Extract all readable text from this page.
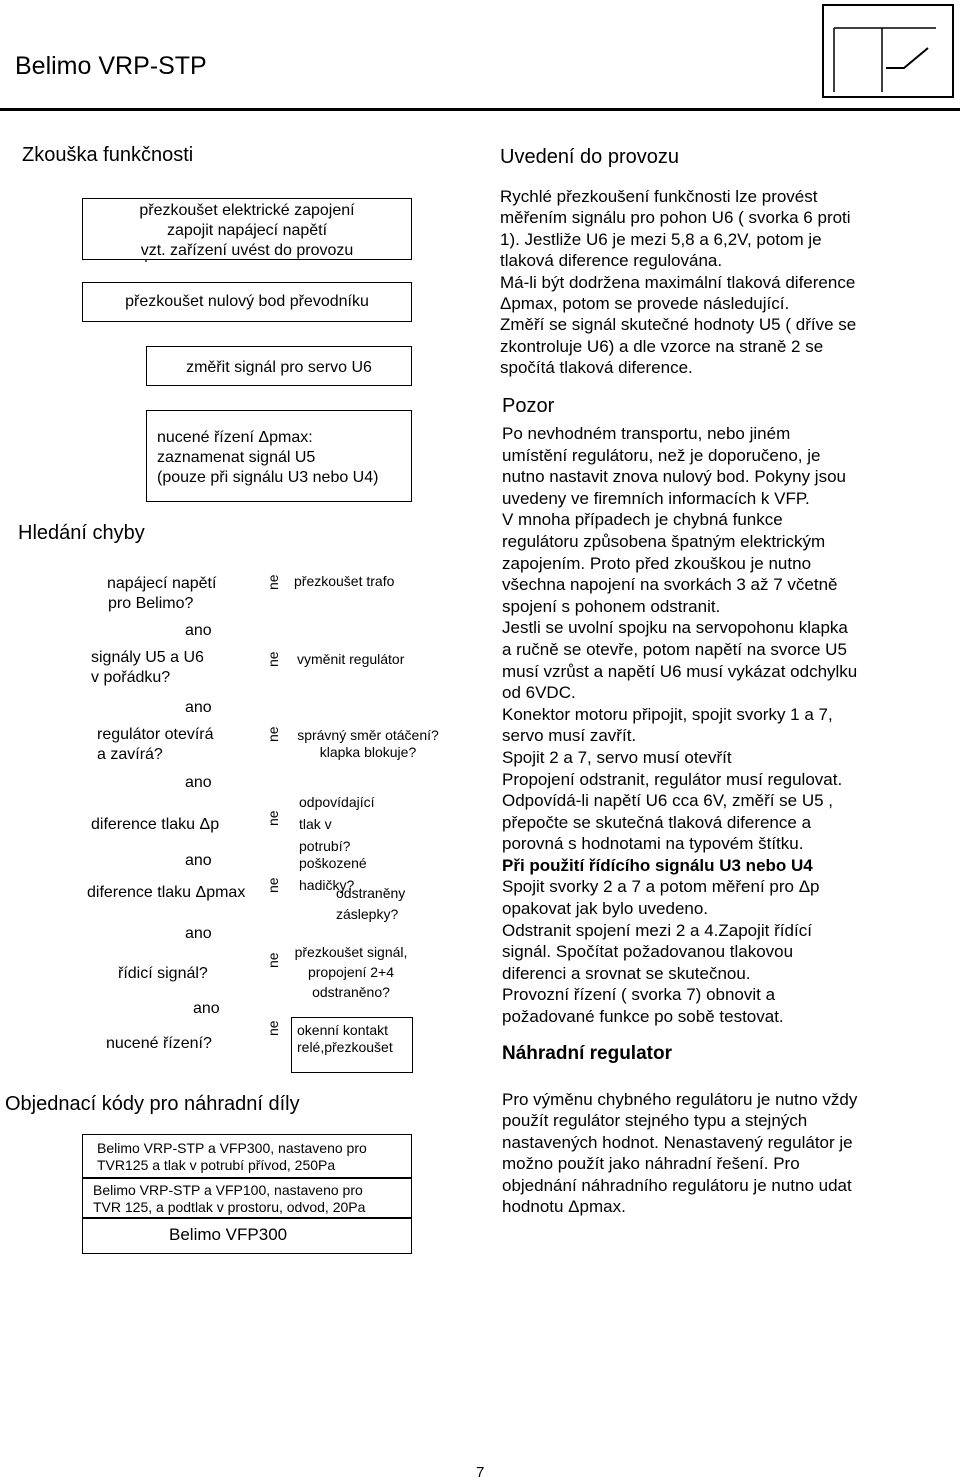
Belimo VRP-STP
Zkouška funkčnosti
Hledání chyby
přezkoušet elektrické zapojení
zapojit napájecí napětí
vzt. zařízení uvést do provozu
přezkoušet nulový bod převodníku
změřit signál pro servo U6
nucené řízení Δpmax:
zaznamenat signál U5
(pouze při signálu U3 nebo U4)
napájecí napětí
pro Belimo?
signály U5 a U6
v pořádku?
regulátor otevírá
a zavírá?
diference tlaku Δp
diference tlaku Δpmax
řídicí signál?
nucené řízení?
ano
ano
ano
ano
ano
ano
ne
ne
ne
ne
ne
ne
ne
přezkoušet trafo
vyměnit regulátor
správný směr otáčení?
klapka blokuje?
odpovídající
tlak v
potrubí?
poškozené
hadičky?
odstraněny
záslepky?
přezkoušet signál,
propojení 2+4
odstraněno?
okenní kontakt
relé,přezkoušet
Objednací kódy pro náhradní díly
Belimo VRP-STP a VFP300, nastaveno pro
TVR125 a tlak v potrubí přívod, 250Pa
Belimo VRP-STP a VFP100, nastaveno pro
TVR 125, a podtlak v prostoru, odvod, 20Pa
Belimo VFP300
Uvedení do provozu

Rychlé přezkoušení funkčnosti lze provést

měřením signálu pro pohon U6 ( svorka 6 proti

1). Jestliže U6 je mezi 5,8 a 6,2V, potom je

tlaková diference regulována.

Má-li být dodržena maximální tlaková diference

Δpmax, potom se provede následující.

Změří se signál skutečné hodnoty U5 ( dříve se

zkontroluje U6) a dle vzorce na straně 2 se

spočítá tlaková diference.

Pozor

Po nevhodném transportu, nebo jiném

umístění regulátoru, než je doporučeno, je

nutno nastavit znova nulový bod. Pokyny jsou

uvedeny ve firemních informacích k VFP.

V mnoha případech je chybná funkce

regulátoru způsobena špatným elektrickým

zapojením. Proto před zkouškou je nutno

všechna napojení na svorkách 3 až 7 včetně

spojení s pohonem odstranit.

Jestli se uvolní spojku na servopohonu klapka

a ručně se otevře, potom napětí na svorce U5

musí vzrůst a napětí U6 musí vykázat odchylku

od 6VDC.

Konektor motoru připojit, spojit svorky 1 a 7,

servo musí zavřít.

Spojit 2 a 7, servo musí otevřít

Propojení odstranit, regulátor musí regulovat.

Odpovídá-li napětí U6 cca 6V, změří se U5 ,

přepočte se skutečná tlaková diference a

porovná s hodnotami na typovém štítku.

Při použití řídícího signálu U3 nebo U4

Spojit svorky 2 a 7 a potom měření pro Δp

opakovat jak bylo uvedeno.

Odstranit spojení mezi 2 a 4.Zapojit řídící

signál. Spočítat požadovanou tlakovou

diferenci a srovnat se skutečnou.

Provozní řízení ( svorka 7) obnovit a

požadované funkce po sobě testovat.

Náhradní regulator

Pro výměnu chybného regulátoru je nutno vždy

použít regulátor stejného typu a stejných

nastavených hodnot. Nenastavený regulátor je

možno použít jako náhradní řešení. Pro

objednání náhradního regulátoru je nutno udat

hodnotu Δpmax.

7
